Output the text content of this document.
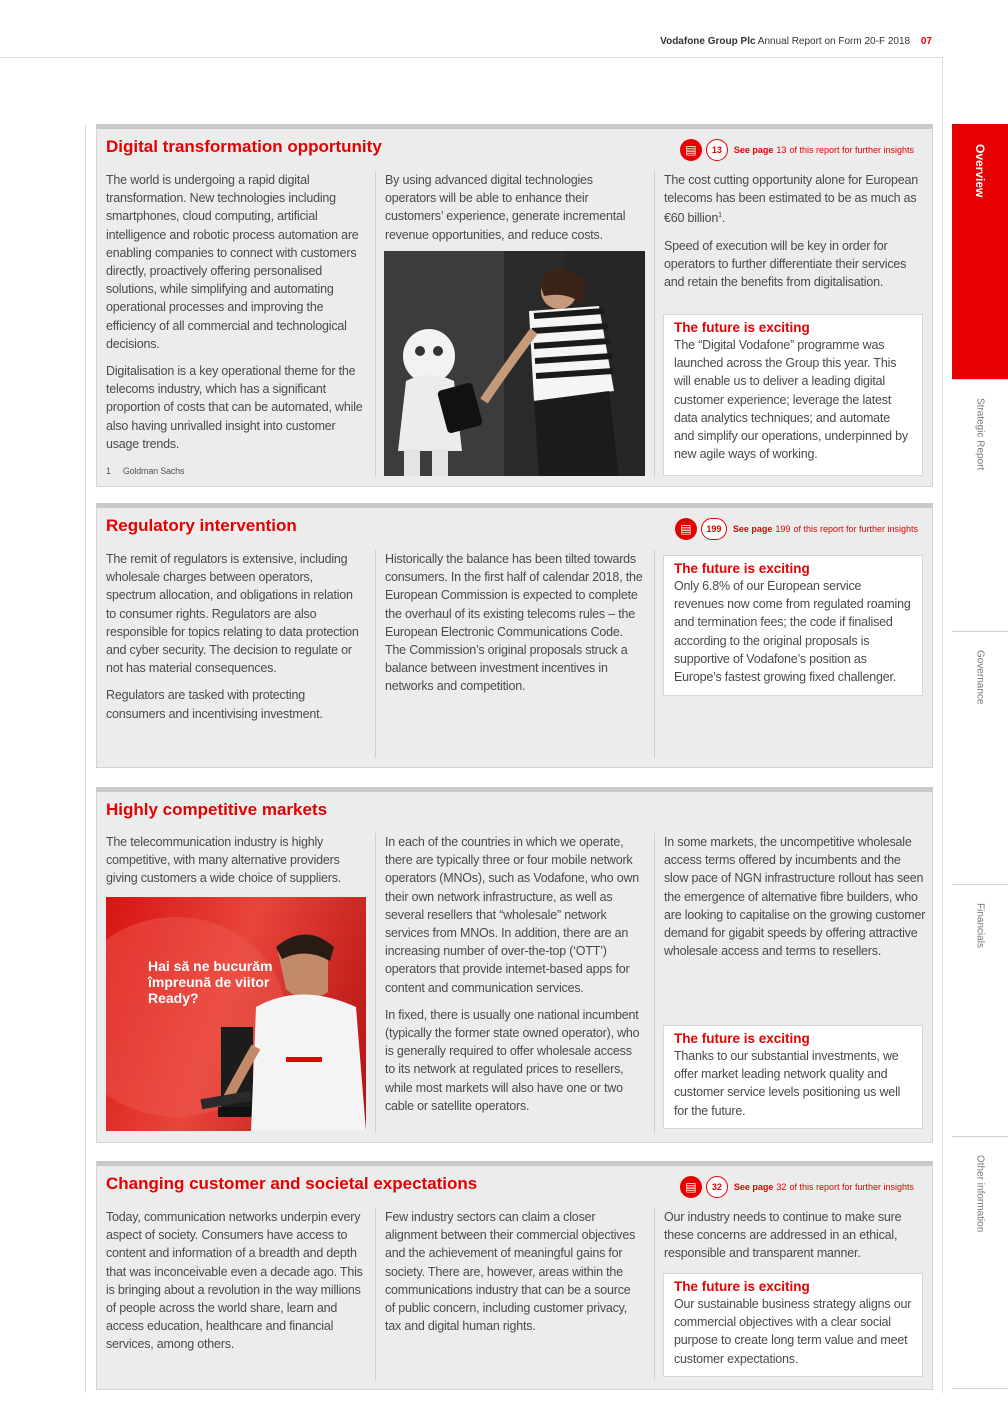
Vodafone Group Plc Annual Report on Form 20-F 2018 07
Overview
Strategic Report
Governance
Financials
Other information
Digital transformation opportunity	▤	13	See page 13 of this report for further insights

The world is undergoing a rapid digital transformation. New technologies including smartphones, cloud computing, artificial intelligence and robotic process automation are enabling companies to connect with customers directly, proactively offering personalised solutions, while simplifying and automating operational processes and improving the efficiency of all commercial and technological decisions.

Digitalisation is a key operational theme for the telecoms industry, which has a significant proportion of costs that can be automated, while also having unrivalled insight into customer usage trends.

1 Goldman Sachs

By using advanced digital technologies operators will be able to enhance their customers’ experience, generate incremental revenue opportunities, and reduce costs.

The cost cutting opportunity alone for European telecoms has been estimated to be as much as €60 billion$^1$.

Speed of execution will be key in order for operators to further differentiate their services and retain the benefits from digitalisation.

The future is exciting
The “Digital Vodafone” programme was launched across the Group this year. This will enable us to deliver a leading digital customer experience; leverage the latest data analytics techniques; and automate and simplify our operations, underpinned by new agile ways of working.
Regulatory intervention	▤	199	See page 199 of this report for further insights

The remit of regulators is extensive, including wholesale charges between operators, spectrum allocation, and obligations in relation to consumer rights. Regulators are also responsible for topics relating to data protection and cyber security. The decision to regulate or not has material consequences.

Regulators are tasked with protecting consumers and incentivising investment.

Historically the balance has been tilted towards consumers. In the first half of calendar 2018, the European Commission is expected to complete the overhaul of its existing telecoms rules – the European Electronic Communications Code. The Commission’s original proposals struck a balance between investment incentives in networks and competition.

The future is exciting
Only 6.8% of our European service revenues now come from regulated roaming and termination fees; the code if finalised according to the original proposals is supportive of Vodafone’s position as Europe’s fastest growing fixed challenger.
Highly competitive markets

The telecommunication industry is highly competitive, with many alternative providers giving customers a wide choice of suppliers.

Hai să ne bucurăm
împreună de viitor
Ready?

In each of the countries in which we operate, there are typically three or four mobile network operators (MNOs), such as Vodafone, who own their own network infrastructure, as well as several resellers that “wholesale” network services from MNOs. In addition, there are an increasing number of over-the-top (‘OTT’) operators that provide internet-based apps for content and communication services.

In fixed, there is usually one national incumbent (typically the former state owned operator), who is generally required to offer wholesale access to its network at regulated prices to resellers, while most markets will also have one or two cable or satellite operators.

In some markets, the uncompetitive wholesale access terms offered by incumbents and the slow pace of NGN infrastructure rollout has seen the emergence of alternative fibre builders, who are looking to capitalise on the growing customer demand for gigabit speeds by offering attractive wholesale access and terms to resellers.

The future is exciting
Thanks to our substantial investments, we offer market leading network quality and customer service levels positioning us well for the future.
Changing customer and societal expectations	▤	32	See page 32 of this report for further insights

Today, communication networks underpin every aspect of society. Consumers have access to content and information of a breadth and depth that was inconceivable even a decade ago. This is bringing about a revolution in the way millions of people across the world share, learn and access education, healthcare and financial services, among others.

Few industry sectors can claim a closer alignment between their commercial objectives and the achievement of meaningful gains for society. There are, however, areas within the communications industry that can be a source of public concern, including customer privacy, tax and digital human rights.

Our industry needs to continue to make sure these concerns are addressed in an ethical, responsible and transparent manner.

The future is exciting
Our sustainable business strategy aligns our commercial objectives with a clear social purpose to create long term value and meet customer expectations.
